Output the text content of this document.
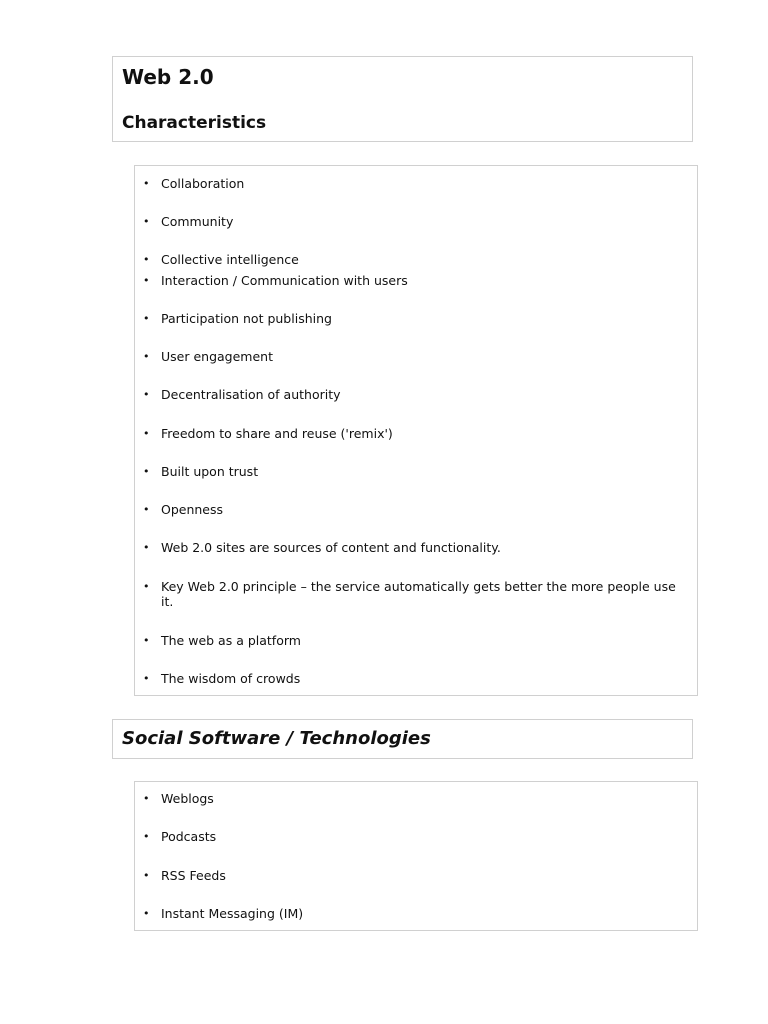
Web 2.0
Characteristics
• Collaboration
• Community
• Collective intelligence
• Interaction / Communication with users
• Participation not publishing
• User engagement
• Decentralisation of authority
• Freedom to share and reuse ('remix')
• Built upon trust
• Openness
• Web 2.0 sites are sources of content and functionality.
• Key Web 2.0 principle – the service automatically gets better the more people use it.
• The web as a platform
• The wisdom of crowds
Social Software / Technologies
• Weblogs
• Podcasts
• RSS Feeds
• Instant Messaging (IM)
